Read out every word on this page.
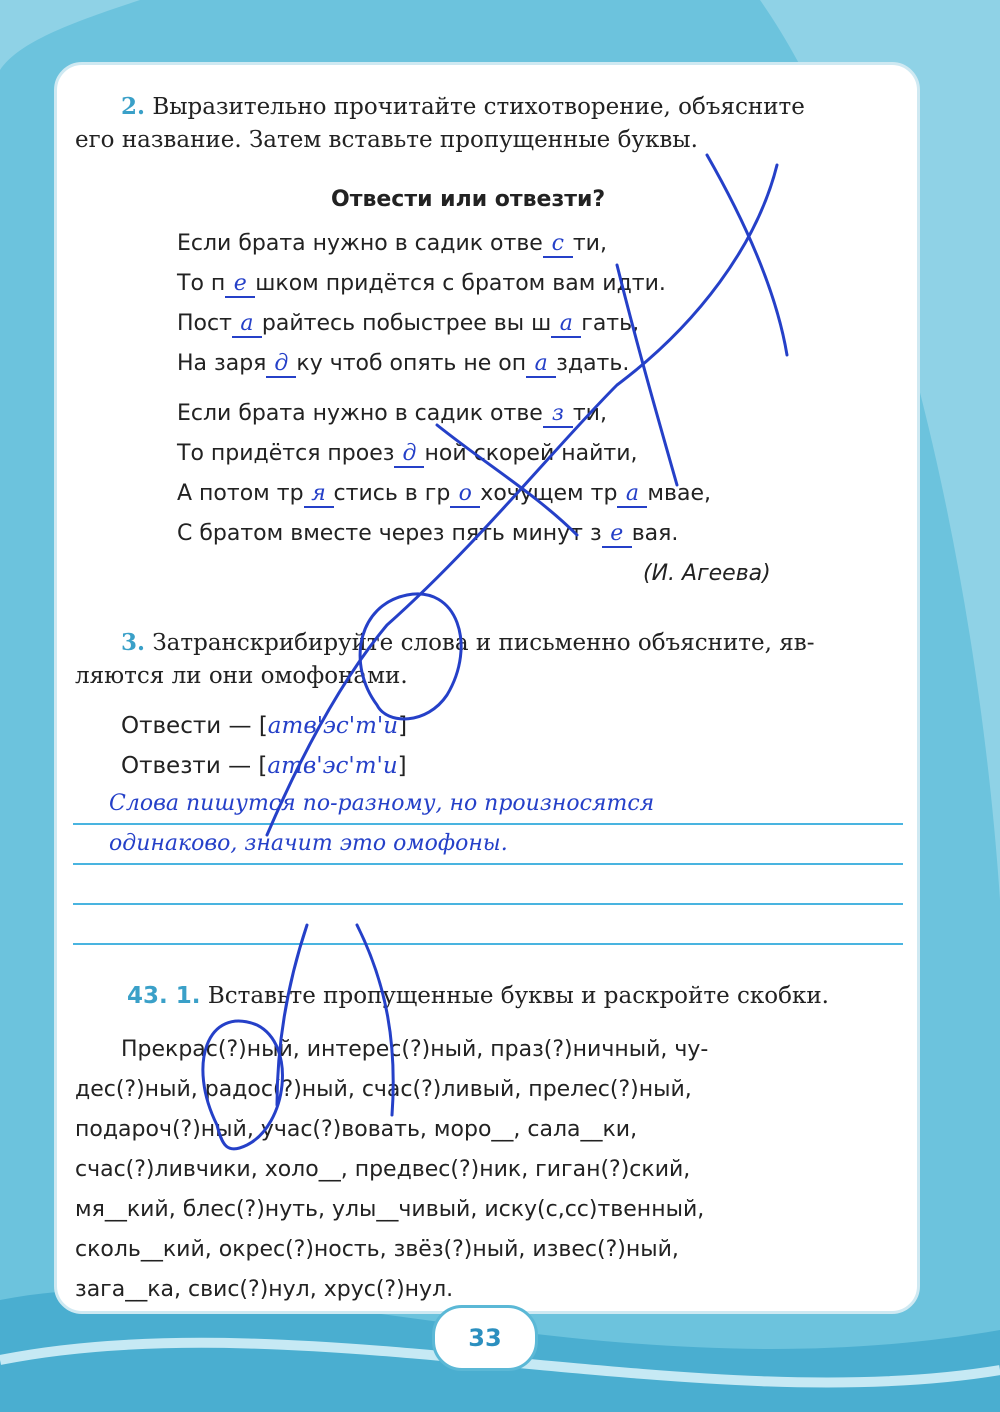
2. Выразительно прочитайте стихотворение, объясните
его название. Затем вставьте пропущенные буквы.
Отвести или отвезти?
Если брата нужно в садик отве с ти,
То п е шком придётся с братом вам идти.
Пост а райтесь побыстрее вы ш а гать,
На заря д ку чтоб опять не оп а здать.
Если брата нужно в садик отве з ти,
То придётся проез д ной скорей найти,
А потом тр я стись в гр о хочущем тр а мвае,
С братом вместе через пять минут з е вая.
(И. Агеева)
3. Затранскрибируйте слова и письменно объясните, яв-
ляются ли они омофонами.
Отвести — [атв'эс'т'и]
Отвезти — [атв'эс'т'и]
Слова пишутся по-разному, но произносятся
одинаково, значит это омофоны.
43. 1. Вставьте пропущенные буквы и раскройте скобки.
Прекрас(?)ный, интерес(?)ный, праз(?)ничный, чу-
дес(?)ный, радос(?)ный, счас(?)ливый, прелес(?)ный,
подароч(?)ный, учас(?)вовать, моро__, сала__ки,
счас(?)ливчики, холо__, предвес(?)ник, гиган(?)ский,
мя__кий, блес(?)нуть, улы__чивый, иску(с,сс)твенный,
сколь__кий, окрес(?)ность, звёз(?)ный, извес(?)ный,
зага__ка, свис(?)нул, хрус(?)нул.
33
